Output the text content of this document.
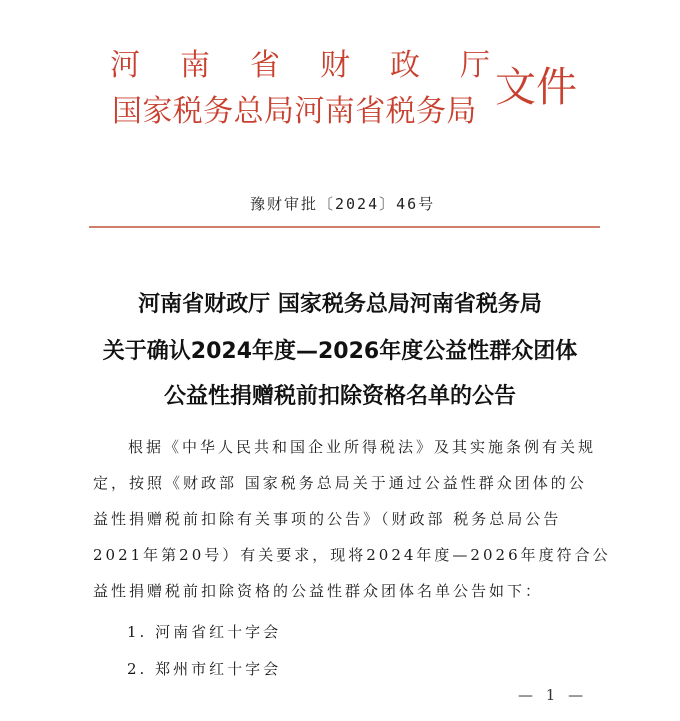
河南省财政厅
国家税务总局河南省税务局
文件
豫财审批〔2024〕46号
河南省财政厅 国家税务总局河南省税务局
关于确认2024年度—2026年度公益性群众团体
公益性捐赠税前扣除资格名单的公告
根据《中华人民共和国企业所得税法》及其实施条例有关规
定，按照《财政部 国家税务总局关于通过公益性群众团体的公
益性捐赠税前扣除有关事项的公告》（财政部 税务总局公告
2021年第20号）有关要求，现将2024年度—2026年度符合公
益性捐赠税前扣除资格的公益性群众团体名单公告如下：
1. 河南省红十字会
2. 郑州市红十字会
— 1 —
